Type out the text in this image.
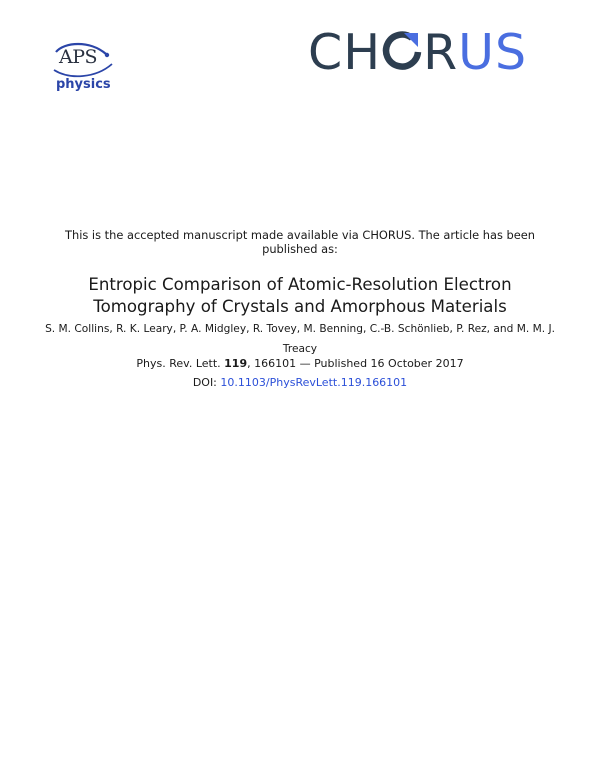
APS
physics
CH RUS
This is the accepted manuscript made available via CHORUS. The article has been published as:
Entropic Comparison of Atomic-Resolution Electron Tomography of Crystals and Amorphous Materials
S. M. Collins, R. K. Leary, P. A. Midgley, R. Tovey, M. Benning, C.-B. Schönlieb, P. Rez, and M. M. J. Treacy
Phys. Rev. Lett. 119, 166101 — Published 16 October 2017
DOI: 10.1103/PhysRevLett.119.166101
